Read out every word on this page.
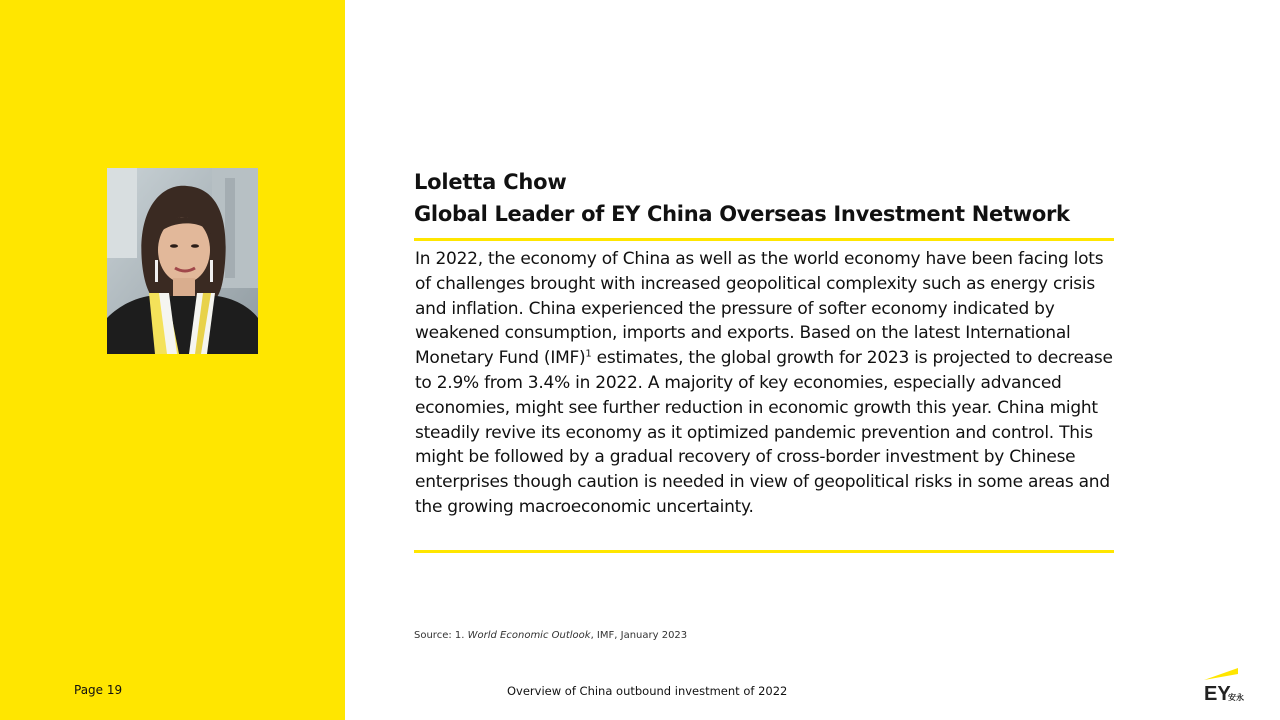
Loletta Chow
Global Leader of EY China Overseas Investment Network
In 2022, the economy of China as well as the world economy have been facing lots of challenges brought with increased geopolitical complexity such as energy crisis and inflation. China experienced the pressure of softer economy indicated by weakened consumption, imports and exports. Based on the latest International Monetary Fund (IMF)$^1$ estimates, the global growth for 2023 is projected to decrease to 2.9% from 3.4% in 2022. A majority of key economies, especially advanced economies, might see further reduction in economic growth this year. China might steadily revive its economy as it optimized pandemic prevention and control. This might be followed by a gradual recovery of cross-border investment by Chinese enterprises though caution is needed in view of geopolitical risks in some areas and the growing macroeconomic uncertainty.
Source: 1. World Economic Outlook, IMF, January 2023
Page 19	Overview of China outbound investment of 2022	EY
安永
